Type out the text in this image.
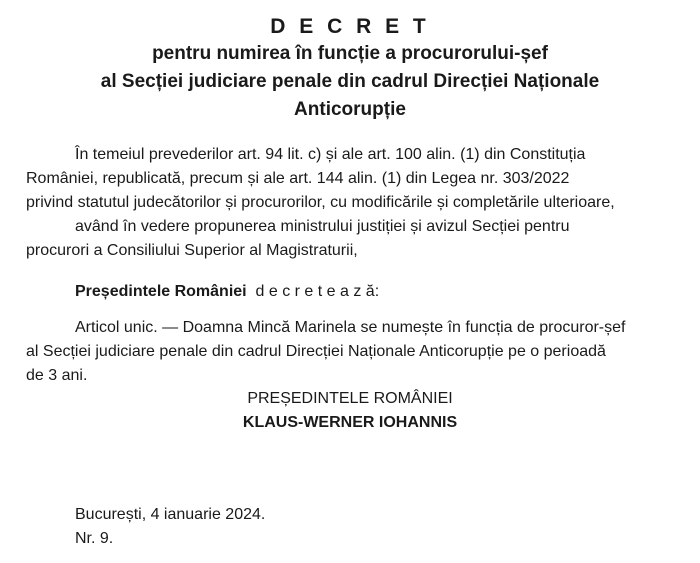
D E C R E T
pentru numirea în funcție a procurorului-șef
al Secției judiciare penale din cadrul Direcției Naționale
Anticorupție
În temeiul prevederilor art. 94 lit. c) și ale art. 100 alin. (1) din Constituția
României, republicată, precum și ale art. 144 alin. (1) din Legea nr. 303/2022
privind statutul judecătorilor și procurorilor, cu modificările și completările ulterioare,
având în vedere propunerea ministrului justiției și avizul Secției pentru
procurori a Consiliului Superior al Magistraturii,
Președintele României d e c r e t e a z ă:
Articol unic. — Doamna Mincă Marinela se numește în funcția de procuror-șef
al Secției judiciare penale din cadrul Direcției Naționale Anticorupție pe o perioadă
de 3 ani.
PREȘEDINTELE ROMÂNIEI
KLAUS-WERNER IOHANNIS
București, 4 ianuarie 2024.
Nr. 9.
